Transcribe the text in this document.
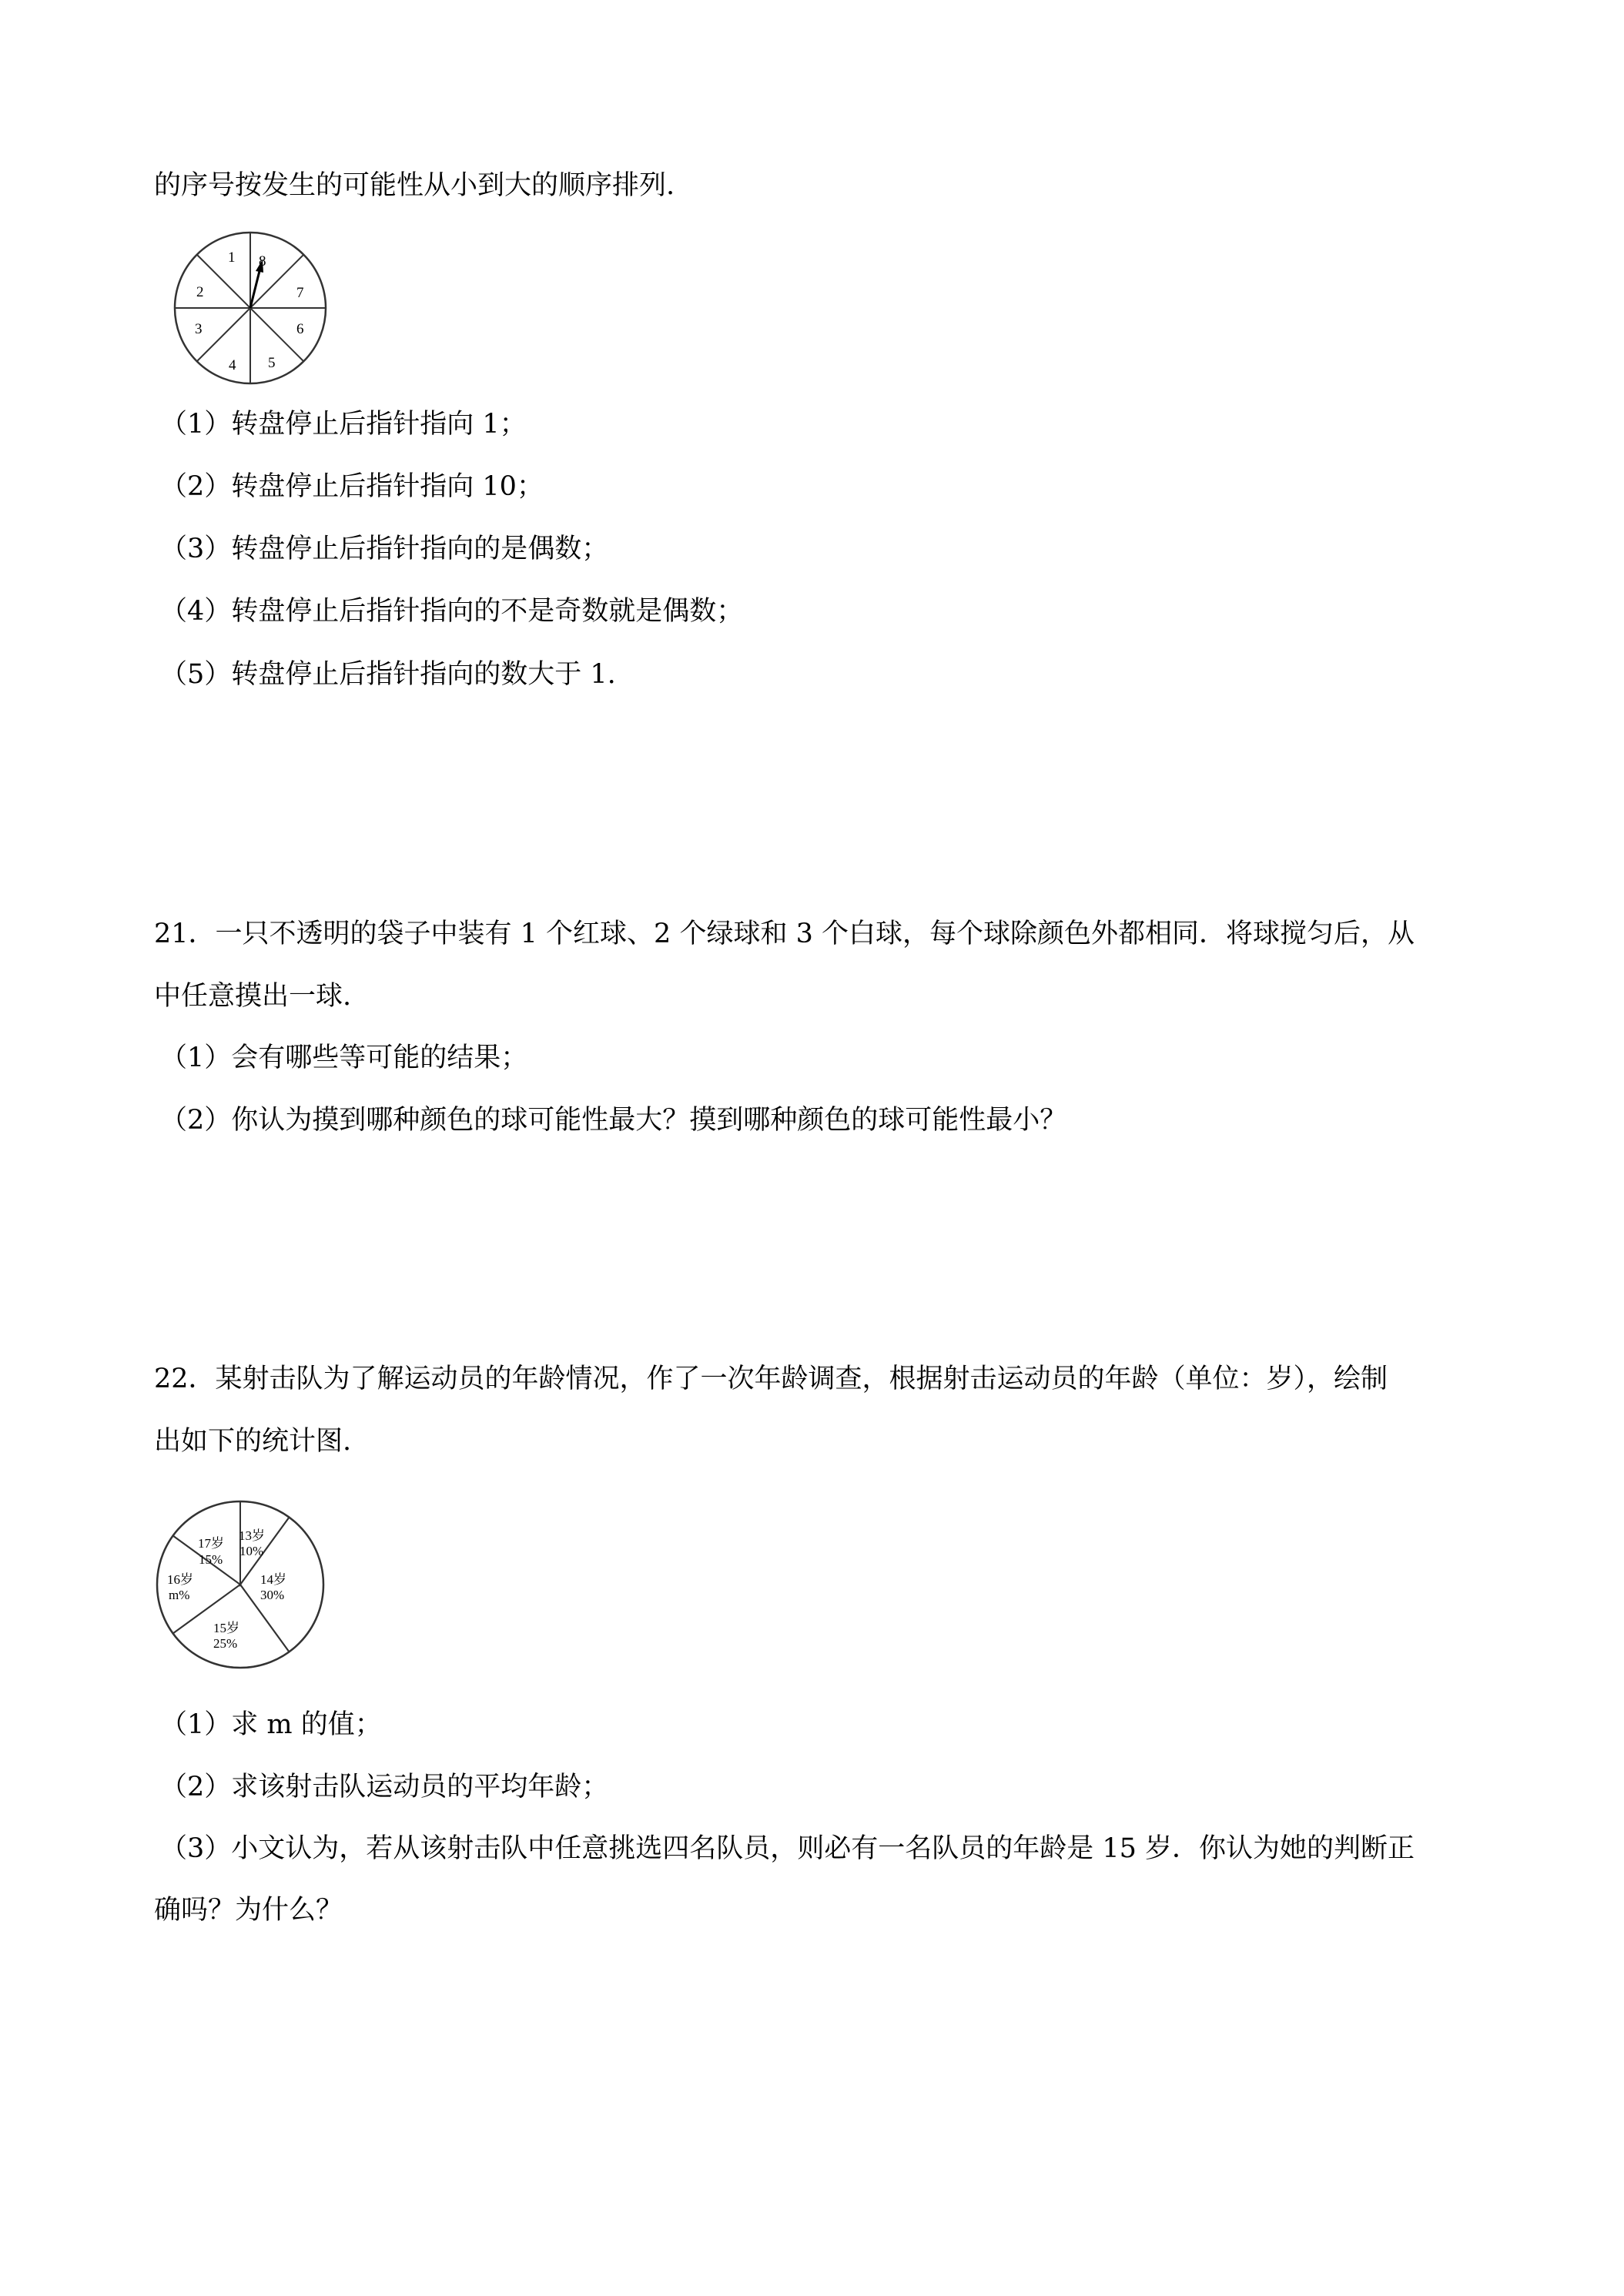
的序号按发生的可能性从小到大的顺序排列.
1
2
3
4 5
6
7
8
（1）转盘停止后指针指向 1；
（2）转盘停止后指针指向 10；
（3）转盘停止后指针指向的是偶数；
（4）转盘停止后指针指向的不是奇数就是偶数；
（5）转盘停止后指针指向的数大于 1.
21．一只不透明的袋子中装有 1 个红球、2 个绿球和 3 个白球，每个球除颜色外都相同．将球搅匀后，从
中任意摸出一球.
（1）会有哪些等可能的结果；
（2）你认为摸到哪种颜色的球可能性最大？摸到哪种颜色的球可能性最小？
22．某射击队为了解运动员的年龄情况，作了一次年龄调查，根据射击运动员的年龄（单位：岁），绘制
出如下的统计图.
13岁
10%
14岁
30%
15岁
25%
16岁
m%
17岁
15%
（1）求 m 的值；
（2）求该射击队运动员的平均年龄；
（3）小文认为，若从该射击队中任意挑选四名队员，则必有一名队员的年龄是 15 岁．你认为她的判断正
确吗？为什么？
